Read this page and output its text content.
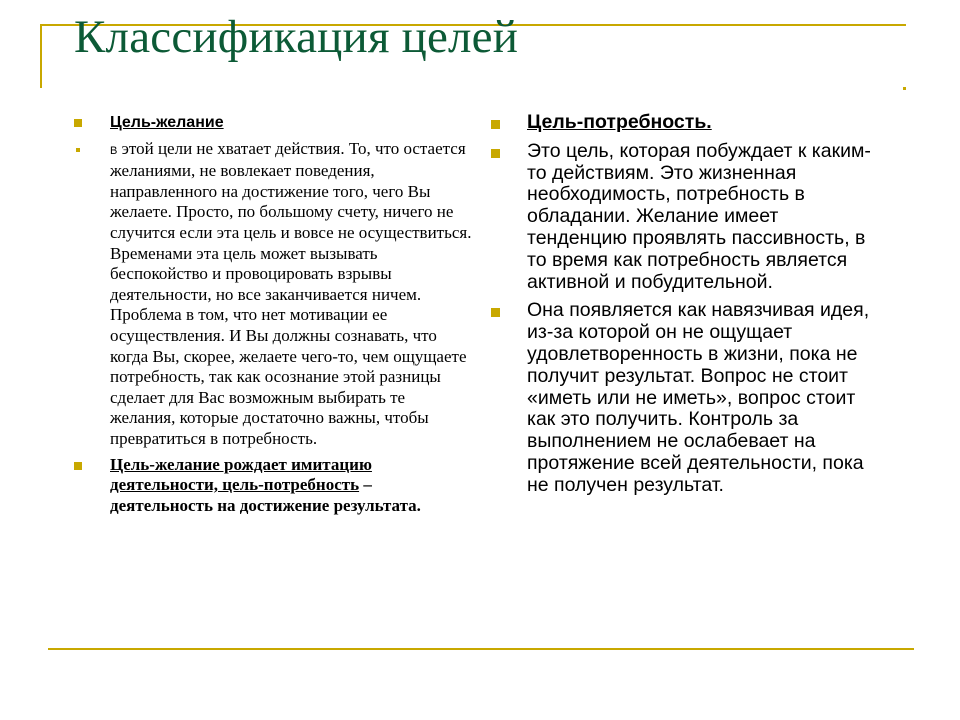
Классификация целей
Цель-желание
В этой цели не хватает действия. То, что остается желаниями, не вовлекает поведения, направленного на достижение того, чего Вы желаете. Просто, по большому счету, ничего не случится если эта цель и вовсе не осуществиться. Временами эта цель может вызывать беспокойство и провоцировать взрывы деятельности, но все заканчивается ничем. Проблема в том, что нет мотивации ее осуществления. И Вы должны сознавать, что когда Вы, скорее, желаете чего-то, чем ощущаете потребность, так как осознание этой разницы сделает для Вас возможным выбирать те желания, которые достаточно важны, чтобы превратиться в потребность.
Цель-желание рождает имитацию деятельности, цель-потребность – деятельность на достижение результата.
Цель-потребность.
Это цель, которая побуждает к каким-то действиям. Это жизненная необходимость, потребность в обладании. Желание имеет тенденцию проявлять пассивность, в то время как потребность является активной и побудительной.
Она появляется как навязчивая идея, из-за которой он не ощущает удовлетворенность в жизни, пока не получит результат. Вопрос не стоит «иметь или не иметь», вопрос стоит как это получить. Контроль за выполнением не ослабевает на протяжение всей деятельности, пока не получен результат.
